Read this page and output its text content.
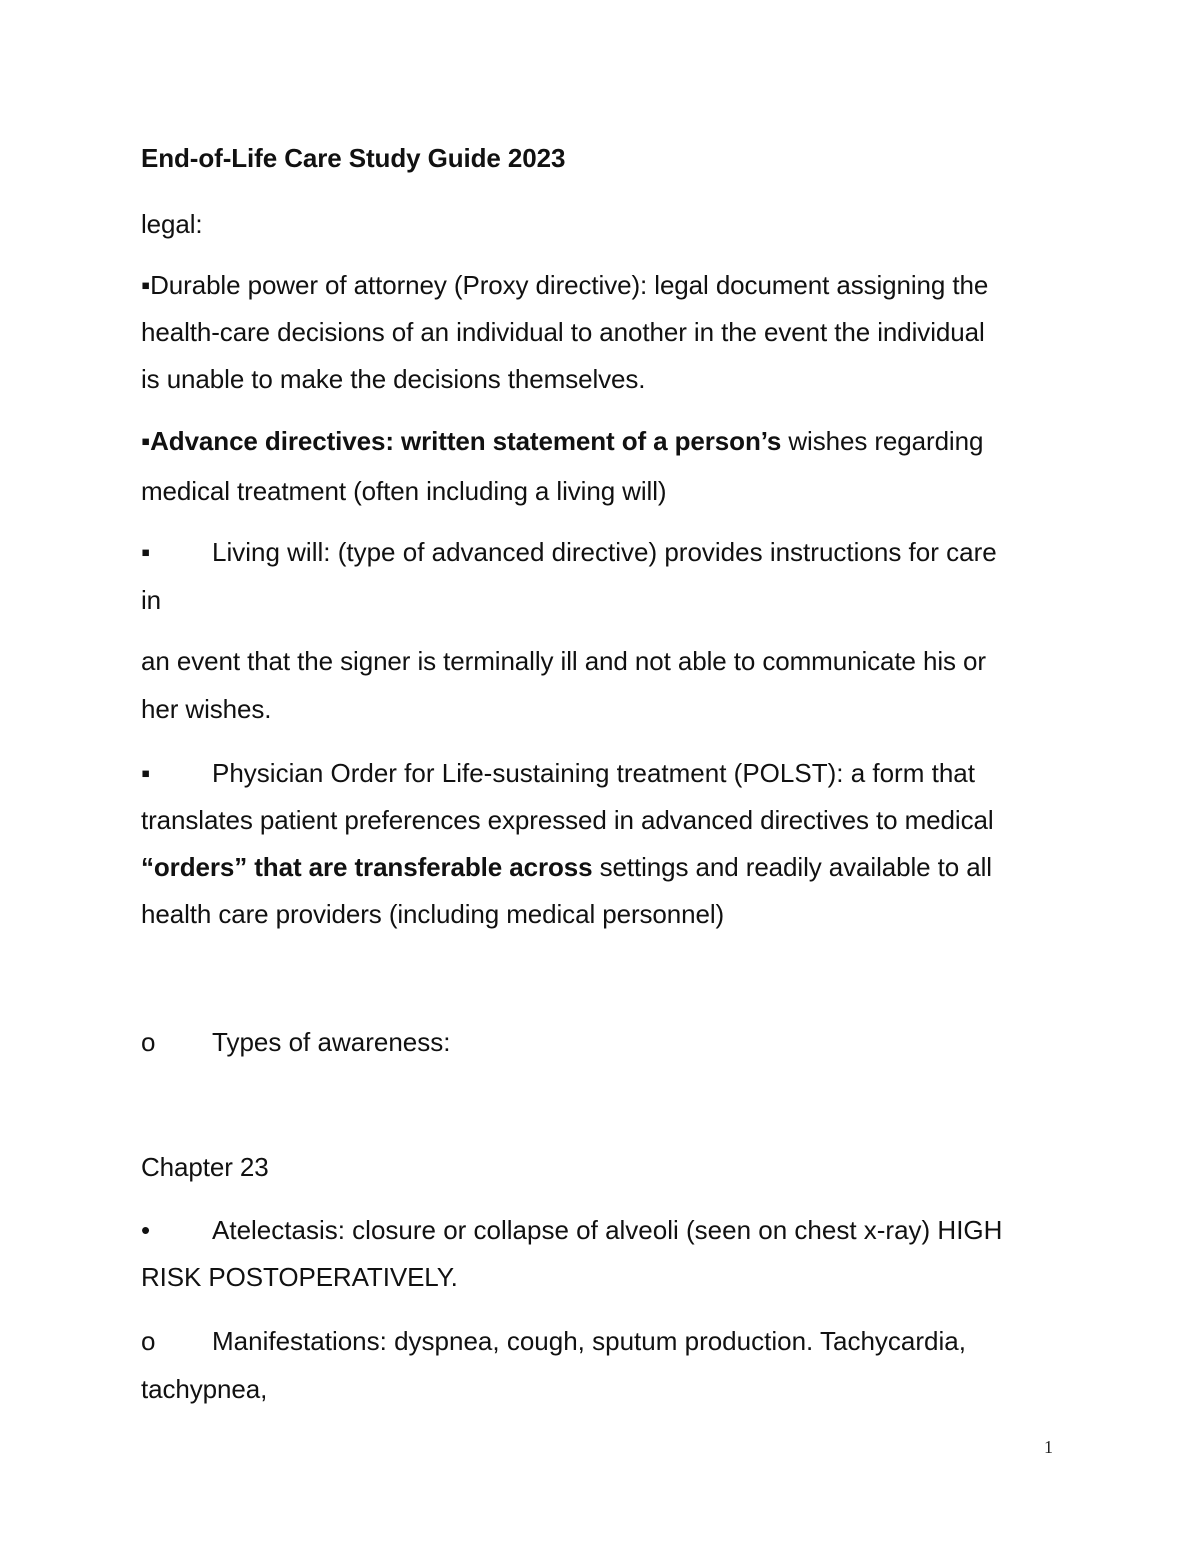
End-of-Life Care Study Guide 2023
legal:
▪Durable power of attorney (Proxy directive): legal document assigning the
health-care decisions of an individual to another in the event the individual
is unable to make the decisions themselves.
▪Advance directives: written statement of a person’s wishes regarding
medical treatment (often including a living will)
▪ Living will: (type of advanced directive) provides instructions for care
in
an event that the signer is terminally ill and not able to communicate his or
her wishes.
▪ Physician Order for Life-sustaining treatment (POLST): a form that
translates patient preferences expressed in advanced directives to medical
“orders” that are transferable across settings and readily available to all
health care providers (including medical personnel)
o Types of awareness:
Chapter 23
• Atelectasis: closure or collapse of alveoli (seen on chest x-ray) HIGH
RISK POSTOPERATIVELY.
o Manifestations: dyspnea, cough, sputum production. Tachycardia,
tachypnea,
1
